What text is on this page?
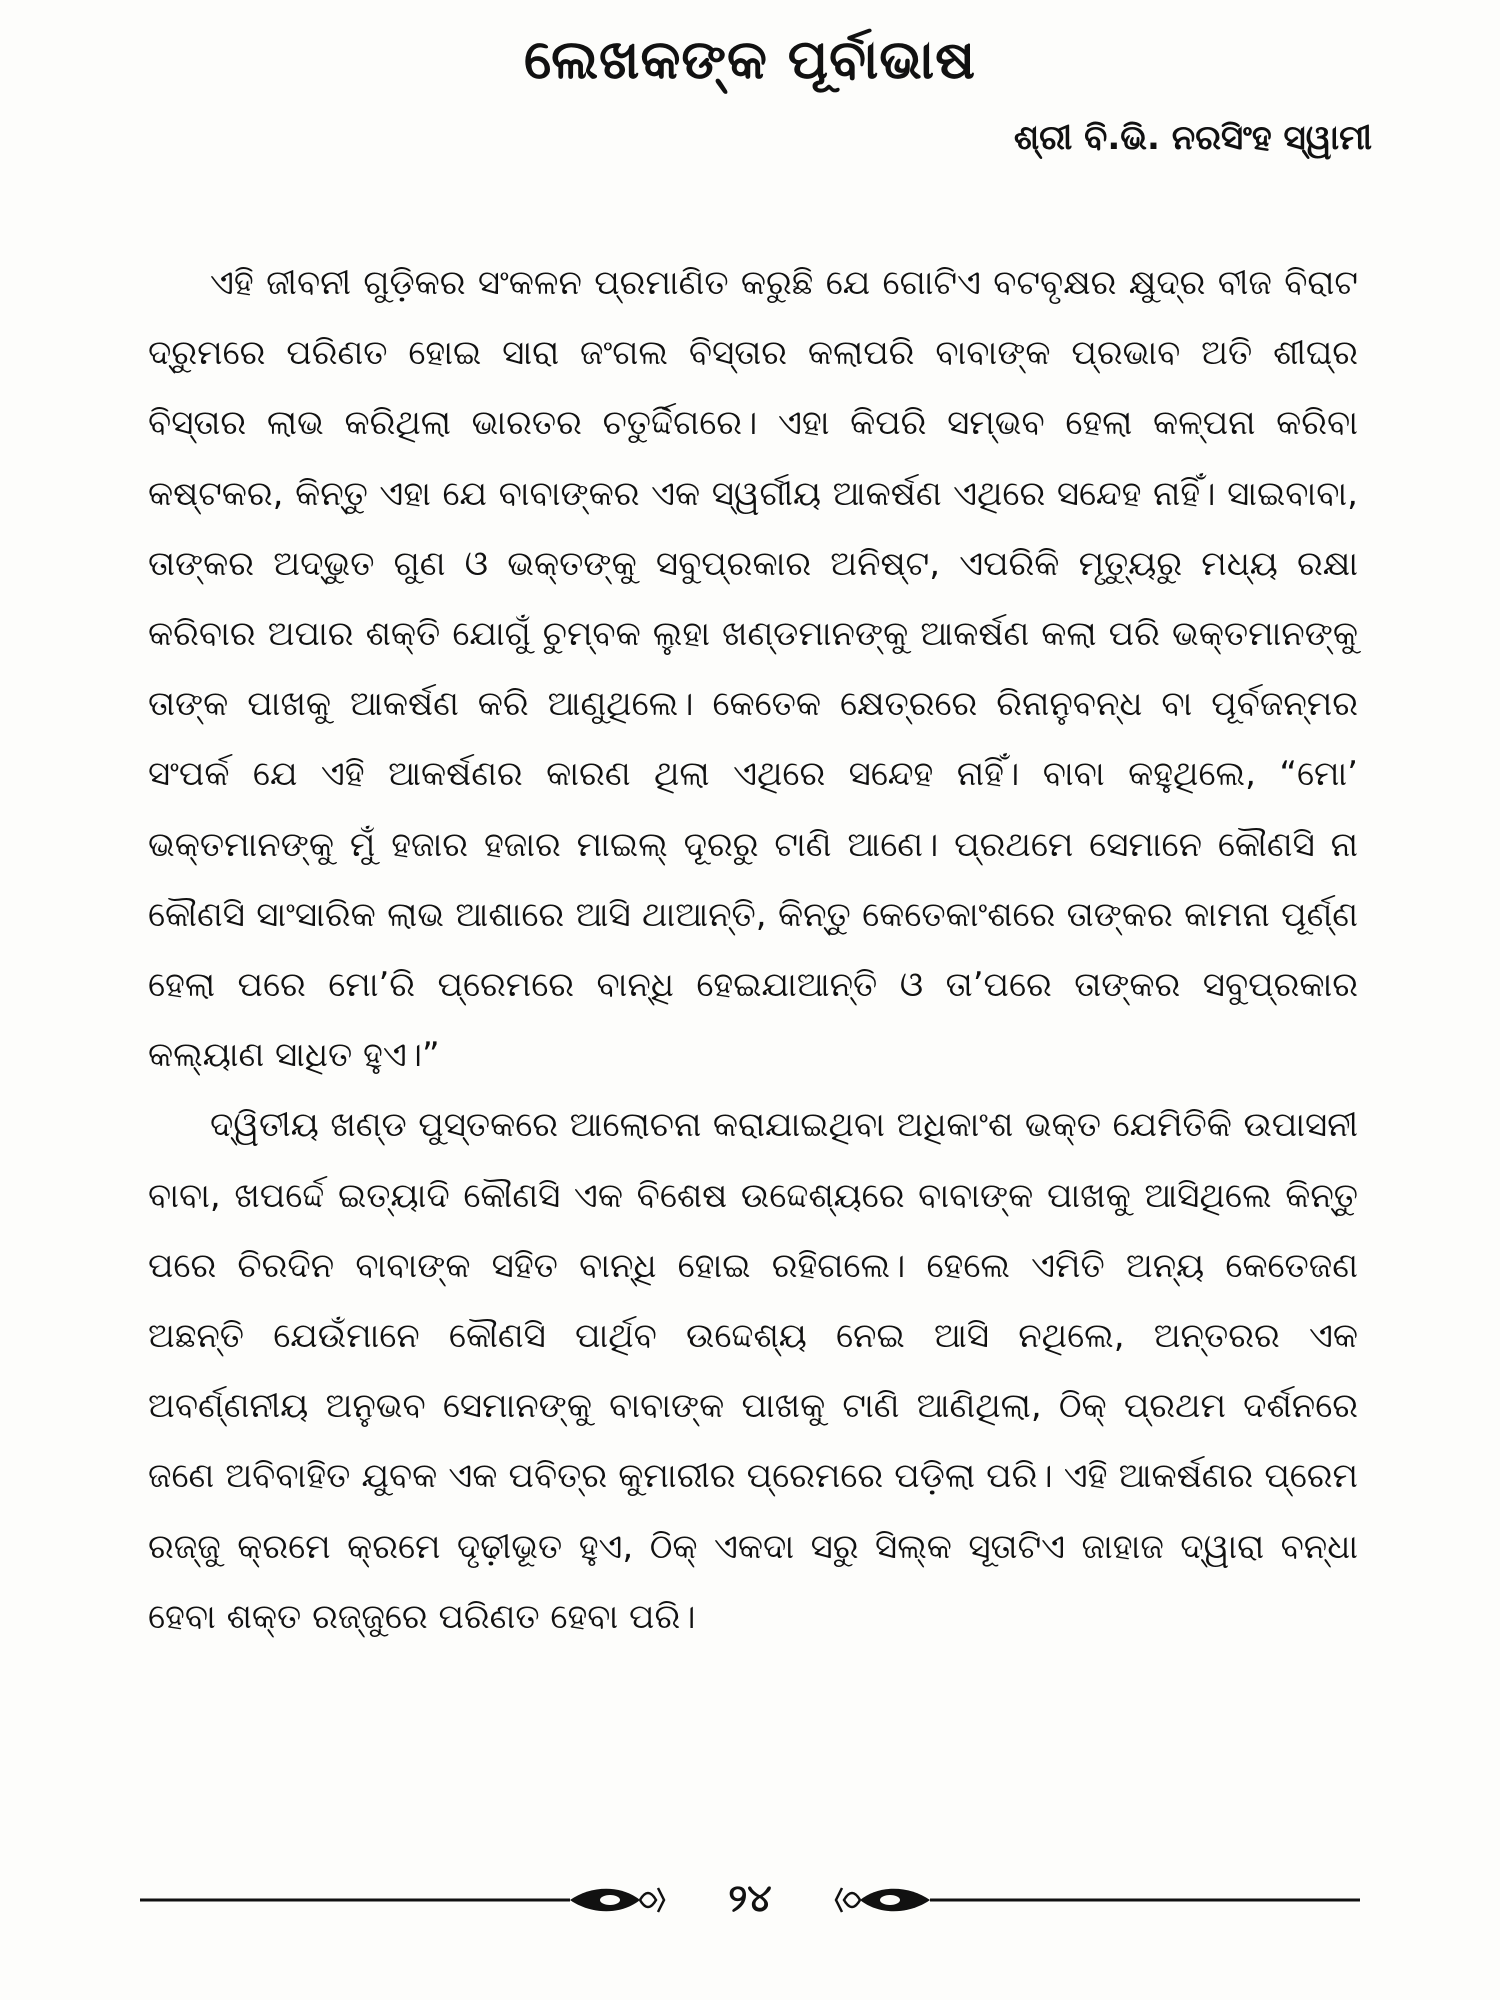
ଲେଖକଙ୍କ ପୂର୍ବାଭାଷ
ଶ୍ରୀ ବି.ଭି. ନରସିଂହ ସ୍ୱାମୀ

ଏହି ଜୀବନୀ ଗୁଡ଼ିକର ସଂକଳନ ପ୍ରମାଣିତ କରୁଛି ଯେ ଗୋଟିଏ ବଟବୃକ୍ଷର କ୍ଷୁଦ୍ର ବୀଜ ବିରାଟ ଦ୍ରୁମରେ ପରିଣତ ହୋଇ ସାରା ଜଂଗଲ ବିସ୍ତାର କଲାପରି ବାବାଙ୍କ ପ୍ରଭାବ ଅତି ଶୀଘ୍ର ବିସ୍ତାର ଲାଭ କରିଥିଲା ଭାରତର ଚତୁର୍ଦ୍ଦିଗରେ। ଏହା କିପରି ସମ୍ଭବ ହେଲା କଳ୍ପନା କରିବା କଷ୍ଟକର, କିନ୍ତୁ ଏହା ଯେ ବାବାଙ୍କର ଏକ ସ୍ୱର୍ଗୀୟ ଆକର୍ଷଣ ଏଥିରେ ସନ୍ଦେହ ନାହିଁ। ସାଇବାବା, ତାଙ୍କର ଅଦ୍ଭୁତ ଗୁଣ ଓ ଭକ୍ତଙ୍କୁ ସବୁପ୍ରକାର ଅନିଷ୍ଟ, ଏପରିକି ମୃତ୍ୟୁରୁ ମଧ୍ୟ ରକ୍ଷା କରିବାର ଅପାର ଶକ୍ତି ଯୋଗୁଁ ଚୁମ୍ବକ ଲୁହା ଖଣ୍ଡମାନଙ୍କୁ ଆକର୍ଷଣ କଲା ପରି ଭକ୍ତମାନଙ୍କୁ ତାଙ୍କ ପାଖକୁ ଆକର୍ଷଣ କରି ଆଣୁଥିଲେ। କେତେକ କ୍ଷେତ୍ରରେ ରିନାନୁବନ୍ଧ ବା ପୂର୍ବଜନ୍ମର ସଂପର୍କ ଯେ ଏହି ଆକର୍ଷଣର କାରଣ ଥିଲା ଏଥିରେ ସନ୍ଦେହ ନାହିଁ। ବାବା କହୁଥିଲେ, “ମୋ’ ଭକ୍ତମାନଙ୍କୁ ମୁଁ ହଜାର ହଜାର ମାଇଲ୍ ଦୂରରୁ ଟାଣି ଆଣେ। ପ୍ରଥମେ ସେମାନେ କୌଣସି ନା କୌଣସି ସାଂସାରିକ ଲାଭ ଆଶାରେ ଆସି ଥାଆନ୍ତି, କିନ୍ତୁ କେତେକାଂଶରେ ତାଙ୍କର କାମନା ପୂର୍ଣ୍ଣ ହେଲା ପରେ ମୋ’ରି ପ୍ରେମରେ ବାନ୍ଧି ହେଇଯାଆନ୍ତି ଓ ତା’ପରେ ତାଙ୍କର ସବୁପ୍ରକାର କଲ୍ୟାଣ ସାଧିତ ହୁଏ।”

ଦ୍ୱିତୀୟ ଖଣ୍ଡ ପୁସ୍ତକରେ ଆଲୋଚନା କରାଯାଇଥିବା ଅଧିକାଂଶ ଭକ୍ତ ଯେମିତିକି ଉପାସନୀ ବାବା, ଖପର୍ଦ୍ଦେ ଇତ୍ୟାଦି କୌଣସି ଏକ ବିଶେଷ ଉଦ୍ଦେଶ୍ୟରେ ବାବାଙ୍କ ପାଖକୁ ଆସିଥିଲେ କିନ୍ତୁ ପରେ ଚିରଦିନ ବାବାଙ୍କ ସହିତ ବାନ୍ଧି ହୋଇ ରହିଗଲେ। ହେଲେ ଏମିତି ଅନ୍ୟ କେତେଜଣ ଅଛନ୍ତି ଯେଉଁମାନେ କୌଣସି ପାର୍ଥିବ ଉଦ୍ଦେଶ୍ୟ ନେଇ ଆସି ନଥିଲେ, ଅନ୍ତରର ଏକ ଅବର୍ଣ୍ଣନୀୟ ଅନୁଭବ ସେମାନଙ୍କୁ ବାବାଙ୍କ ପାଖକୁ ଟାଣି ଆଣିଥିଲା, ଠିକ୍ ପ୍ରଥମ ଦର୍ଶନରେ ଜଣେ ଅବିବାହିତ ଯୁବକ ଏକ ପବିତ୍ର କୁମାରୀର ପ୍ରେମରେ ପଡ଼ିଲା ପରି। ଏହି ଆକର୍ଷଣର ପ୍ରେମ ରଜ୍ଜୁ କ୍ରମେ କ୍ରମେ ଦୃଢ଼ୀଭୂତ ହୁଏ, ଠିକ୍ ଏକଦା ସରୁ ସିଲ୍କ ସୂତାଟିଏ ଜାହାଜ ଦ୍ୱାରା ବନ୍ଧା ହେବା ଶକ୍ତ ରଜ୍ଜୁରେ ପରିଣତ ହେବା ପରି।

୨୪
